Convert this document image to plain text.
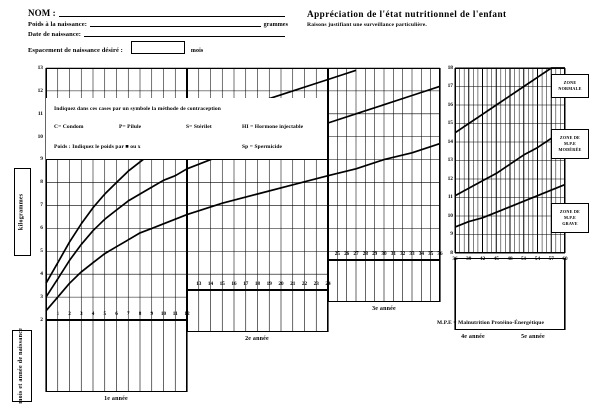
NOM :
Poids à la naissance:	grammes
Date de naissance:
Espacement de naissance désiré :	mois
Appréciation de l'état nutritionnel de l'enfant
Raisons justifiant une surveillance particulière.
Indiquez dans ces cases par un symbole la méthode de contraception
C= Condom	P= Pilule	S= Stérilet	HI = Hormone injectable
Poids : Indiquez le poids par ■ ou x	Sp = Spermicide
kilogrammes
mois et année de naissance	1e année
2e année
3e année
4e année	5e année
ZONE
NORMALE
ZONE DE
M.P.E
MODÉRÉE
ZONE DE
M.P.E
GRAVE
M.P.E = Malnutrition Protéino-Énergétique
1	2	3	4	5	6	7	8	9	10	11	12
13	14	15	16	17	18	19	20	21	22	23	24
25 26 27 28 29 30 31 32 33 34 35 36
2
3
4
5
6
7
8
9
10
11
12
13
8
9
10
11
12
13
14
15
16
17
18
36	39	42	45	48	51	54	57	60
